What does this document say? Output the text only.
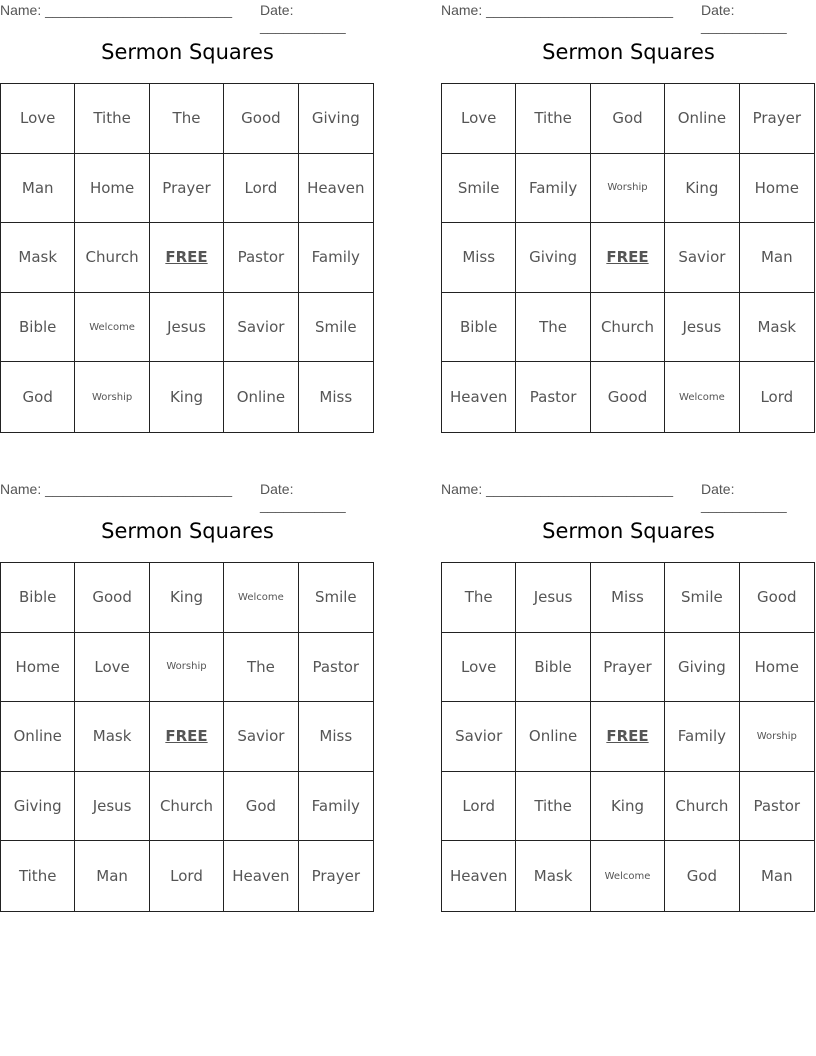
Name: ________________________ Date: ___________
Sermon Squares
Love	Tithe	The	Good	Giving
Man	Home	Prayer	Lord	Heaven
Mask	Church	FREE	Pastor	Family
Bible	Welcome	Jesus	Savior	Smile
God	Worship	King	Online	Miss
Name: ________________________ Date: ___________
Sermon Squares
Love	Tithe	God	Online	Prayer
Smile	Family	Worship	King	Home
Miss	Giving	FREE	Savior	Man
Bible	The	Church	Jesus	Mask
Heaven	Pastor	Good	Welcome	Lord
Name: ________________________ Date: ___________
Sermon Squares
Bible	Good	King	Welcome	Smile
Home	Love	Worship	The	Pastor
Online	Mask	FREE	Savior	Miss
Giving	Jesus	Church	God	Family
Tithe	Man	Lord	Heaven	Prayer
Name: ________________________ Date: ___________
Sermon Squares
The	Jesus	Miss	Smile	Good
Love	Bible	Prayer	Giving	Home
Savior	Online	FREE	Family	Worship
Lord	Tithe	King	Church	Pastor
Heaven	Mask	Welcome	God	Man
